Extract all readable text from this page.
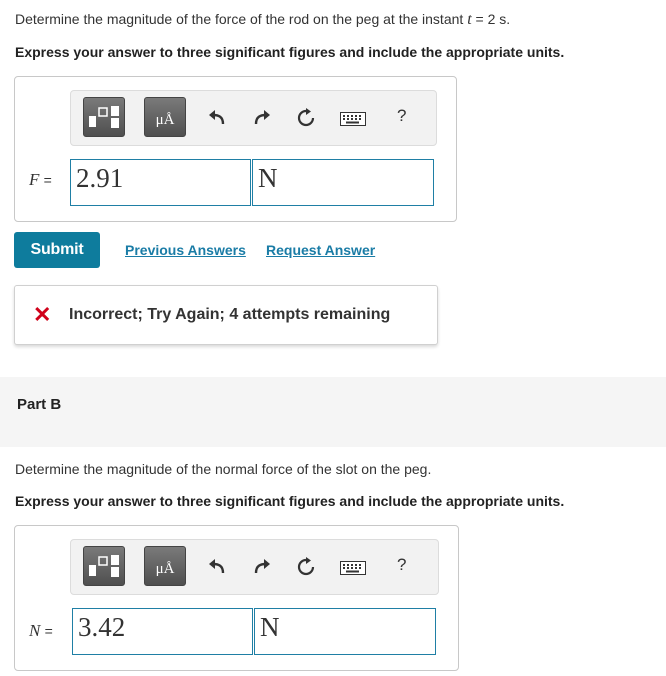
Determine the magnitude of the force of the rod on the peg at the instant t = 2 s.
Express your answer to three significant figures and include the appropriate units.
μÅ	?
F = 2.91	N
Submit	Previous Answers Request Answer
✕ Incorrect; Try Again; 4 attempts remaining
Part B
Determine the magnitude of the normal force of the slot on the peg.
Express your answer to three significant figures and include the appropriate units.
μÅ	?
N = 3.42	N
